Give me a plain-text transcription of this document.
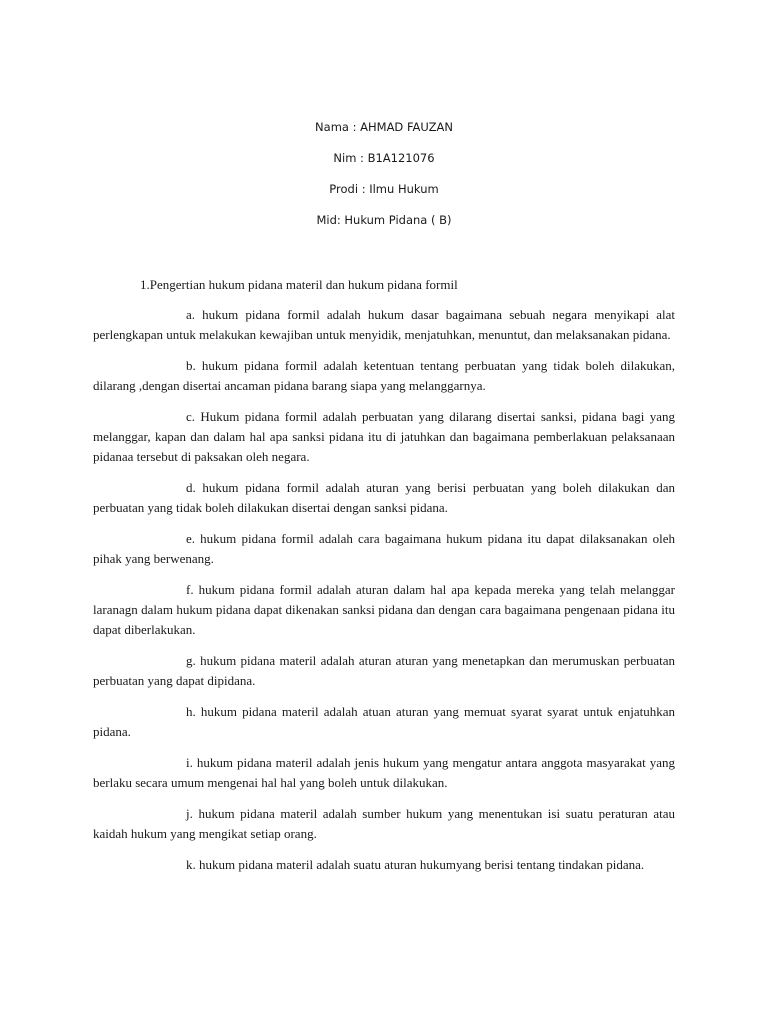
Nama : AHMAD FAUZAN
Nim : B1A121076
Prodi : Ilmu Hukum
Mid: Hukum Pidana ( B)
1.Pengertian hukum pidana materil dan hukum pidana formil

a. hukum pidana formil adalah hukum dasar bagaimana sebuah negara menyikapi alat perlengkapan untuk melakukan kewajiban untuk menyidik, menjatuhkan, menuntut, dan melaksanakan pidana.

b. hukum pidana formil adalah ketentuan tentang perbuatan yang tidak boleh dilakukan, dilarang ,dengan disertai ancaman pidana barang siapa yang melanggarnya.

c. Hukum pidana formil adalah perbuatan yang dilarang disertai sanksi, pidana bagi yang melanggar, kapan dan dalam hal apa sanksi pidana itu di jatuhkan dan bagaimana pemberlakuan pelaksanaan pidanaa tersebut di paksakan oleh negara.

d. hukum pidana formil adalah aturan yang berisi perbuatan yang boleh dilakukan dan perbuatan yang tidak boleh dilakukan disertai dengan sanksi pidana.

e. hukum pidana formil adalah cara bagaimana hukum pidana itu dapat dilaksanakan oleh pihak yang berwenang.

f. hukum pidana formil adalah aturan dalam hal apa kepada mereka yang telah melanggar laranagn dalam hukum pidana dapat dikenakan sanksi pidana dan dengan cara bagaimana pengenaan pidana itu dapat diberlakukan.

g. hukum pidana materil adalah aturan aturan yang menetapkan dan merumuskan perbuatan perbuatan yang dapat dipidana.

h. hukum pidana materil adalah atuan aturan yang memuat syarat syarat untuk enjatuhkan pidana.

i. hukum pidana materil adalah jenis hukum yang mengatur antara anggota masyarakat yang berlaku secara umum mengenai hal hal yang boleh untuk dilakukan.

j. hukum pidana materil adalah sumber hukum yang menentukan isi suatu peraturan atau kaidah hukum yang mengikat setiap orang.

k. hukum pidana materil adalah suatu aturan hukumyang berisi tentang tindakan pidana.
